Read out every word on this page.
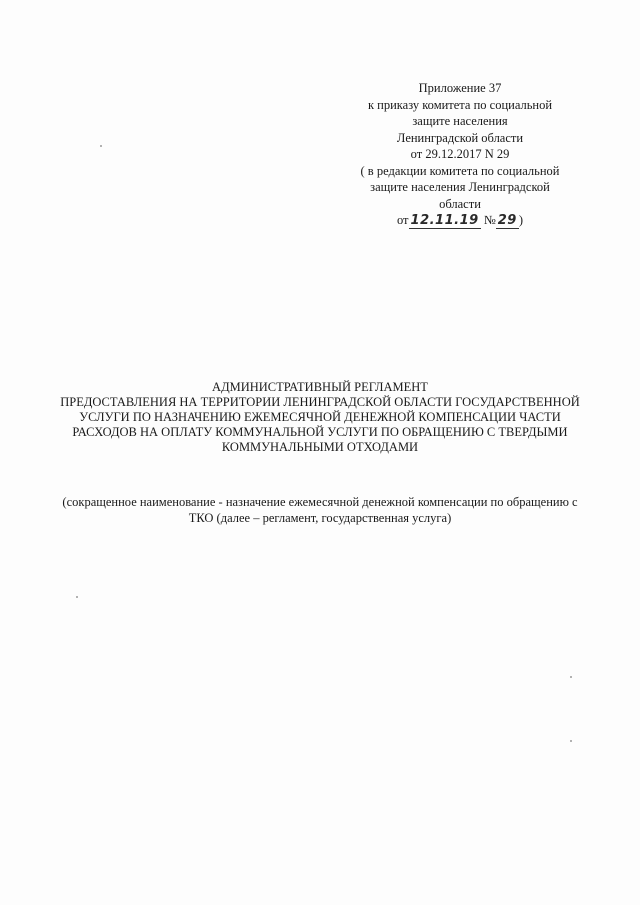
Приложение 37
к приказу комитета по социальной
защите населения
Ленинградской области
от 29.12.2017 N 29
( в редакции комитета по социальной
защите населения Ленинградской
области
от 12.11.19 № 29 )
АДМИНИСТРАТИВНЫЙ РЕГЛАМЕНТ
ПРЕДОСТАВЛЕНИЯ НА ТЕРРИТОРИИ ЛЕНИНГРАДСКОЙ ОБЛАСТИ ГОСУДАРСТВЕННОЙ
УСЛУГИ ПО НАЗНАЧЕНИЮ ЕЖЕМЕСЯЧНОЙ ДЕНЕЖНОЙ КОМПЕНСАЦИИ ЧАСТИ
РАСХОДОВ НА ОПЛАТУ КОММУНАЛЬНОЙ УСЛУГИ ПО ОБРАЩЕНИЮ С ТВЕРДЫМИ
КОММУНАЛЬНЫМИ ОТХОДАМИ
(сокращенное наименование - назначение ежемесячной денежной компенсации по обращению с
ТКО (далее – регламент, государственная услуга)
